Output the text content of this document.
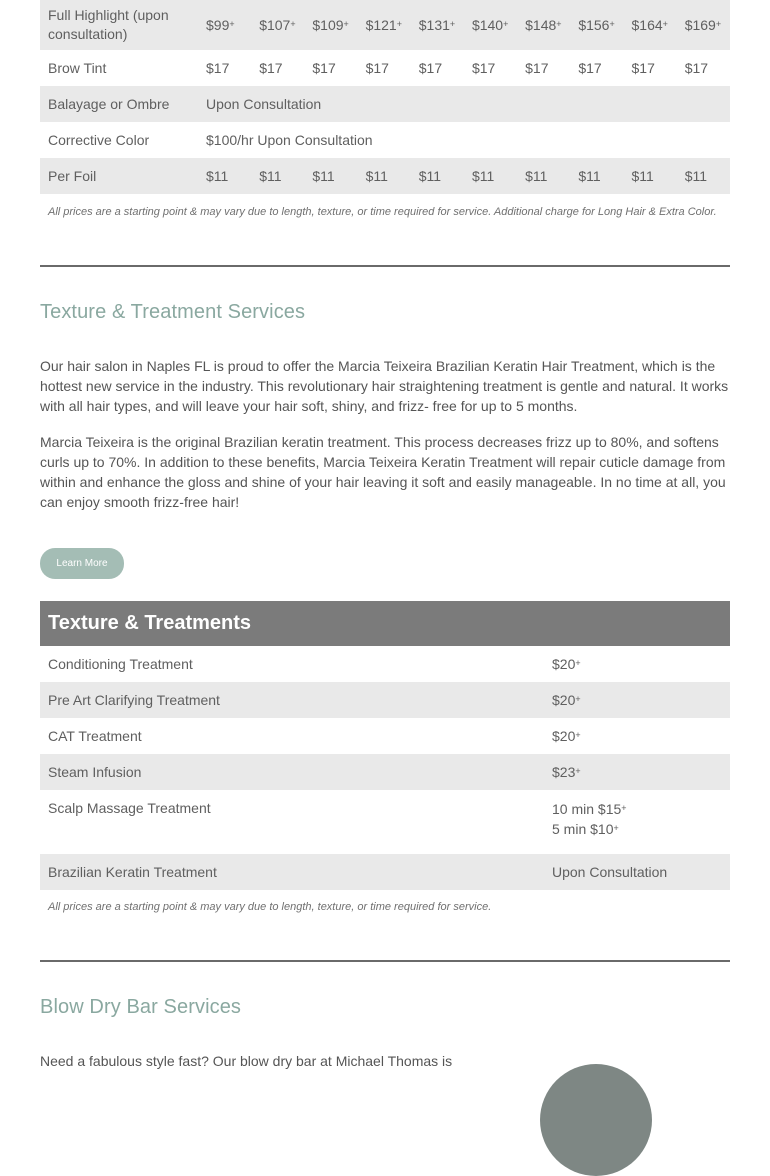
Full Highlight (upon consultation)	$99+	$107+	$109+	$121+	$131+	$140+	$148+	$156+	$164+	$169+
Brow Tint	$17	$17	$17	$17	$17	$17	$17	$17	$17	$17
Balayage or Ombre	Upon Consultation									
Corrective Color	$100/hr Upon Consultation									
Per Foil	$11	$11	$11	$11	$11	$11	$11	$11	$11	$11
All prices are a starting point & may vary due to length, texture, or time required for service. Additional charge for Long Hair & Extra Color.
Texture & Treatment Services

Our hair salon in Naples FL is proud to offer the Marcia Teixeira Brazilian Keratin Hair Treatment, which is the hottest new service in the industry. This revolutionary hair straightening treatment is gentle and natural. It works with all hair types, and will leave your hair soft, shiny, and frizz- free for up to 5 months.

Marcia Teixeira is the original Brazilian keratin treatment. This process decreases frizz up to 80%, and softens curls up to 70%. In addition to these benefits, Marcia Teixeira Keratin Treatment will repair cuticle damage from within and enhance the gloss and shine of your hair leaving it soft and easily manageable. In no time at all, you can enjoy smooth frizz-free hair!

Learn More
Texture & Treatments
Conditioning Treatment	$20+
Pre Art Clarifying Treatment	$20+
CAT Treatment	$20+
Steam Infusion	$23+
Scalp Massage Treatment	10 min $15+
5 min $10+
Brazilian Keratin Treatment	Upon Consultation
All prices are a starting point & may vary due to length, texture, or time required for service.
Blow Dry Bar Services

Need a fabulous style fast? Our blow dry bar at Michael Thomas is
